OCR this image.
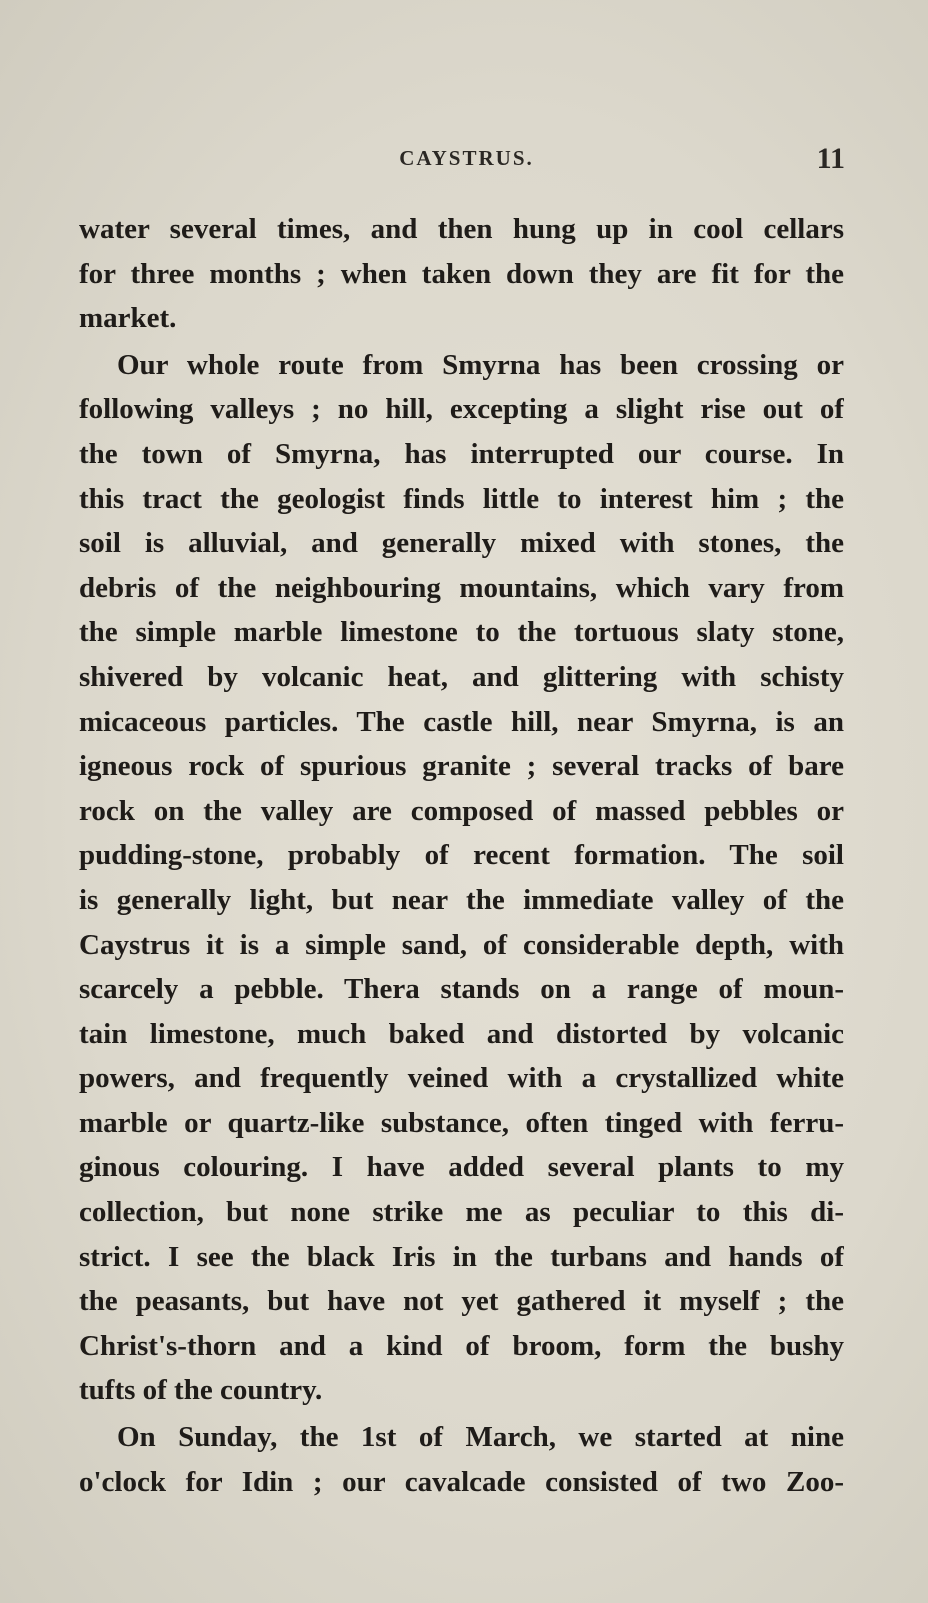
CAYSTRUS.	11
water several times, and then hung up in cool cellars
for three months ; when taken down they are fit for the
market.
Our whole route from Smyrna has been crossing or
following valleys ; no hill, excepting a slight rise out of
the town of Smyrna, has interrupted our course. In
this tract the geologist finds little to interest him ; the
soil is alluvial, and generally mixed with stones, the
debris of the neighbouring mountains, which vary from
the simple marble limestone to the tortuous slaty stone,
shivered by volcanic heat, and glittering with schisty
micaceous particles. The castle hill, near Smyrna, is an
igneous rock of spurious granite ; several tracks of bare
rock on the valley are composed of massed pebbles or
pudding-stone, probably of recent formation. The soil
is generally light, but near the immediate valley of the
Caystrus it is a simple sand, of considerable depth, with
scarcely a pebble. Thera stands on a range of moun-
tain limestone, much baked and distorted by volcanic
powers, and frequently veined with a crystallized white
marble or quartz-like substance, often tinged with ferru-
ginous colouring. I have added several plants to my
collection, but none strike me as peculiar to this di-
strict. I see the black Iris in the turbans and hands of
the peasants, but have not yet gathered it myself ; the
Christ's-thorn and a kind of broom, form the bushy
tufts of the country.
On Sunday, the 1st of March, we started at nine
o'clock for Idin ; our cavalcade consisted of two Zoo-
